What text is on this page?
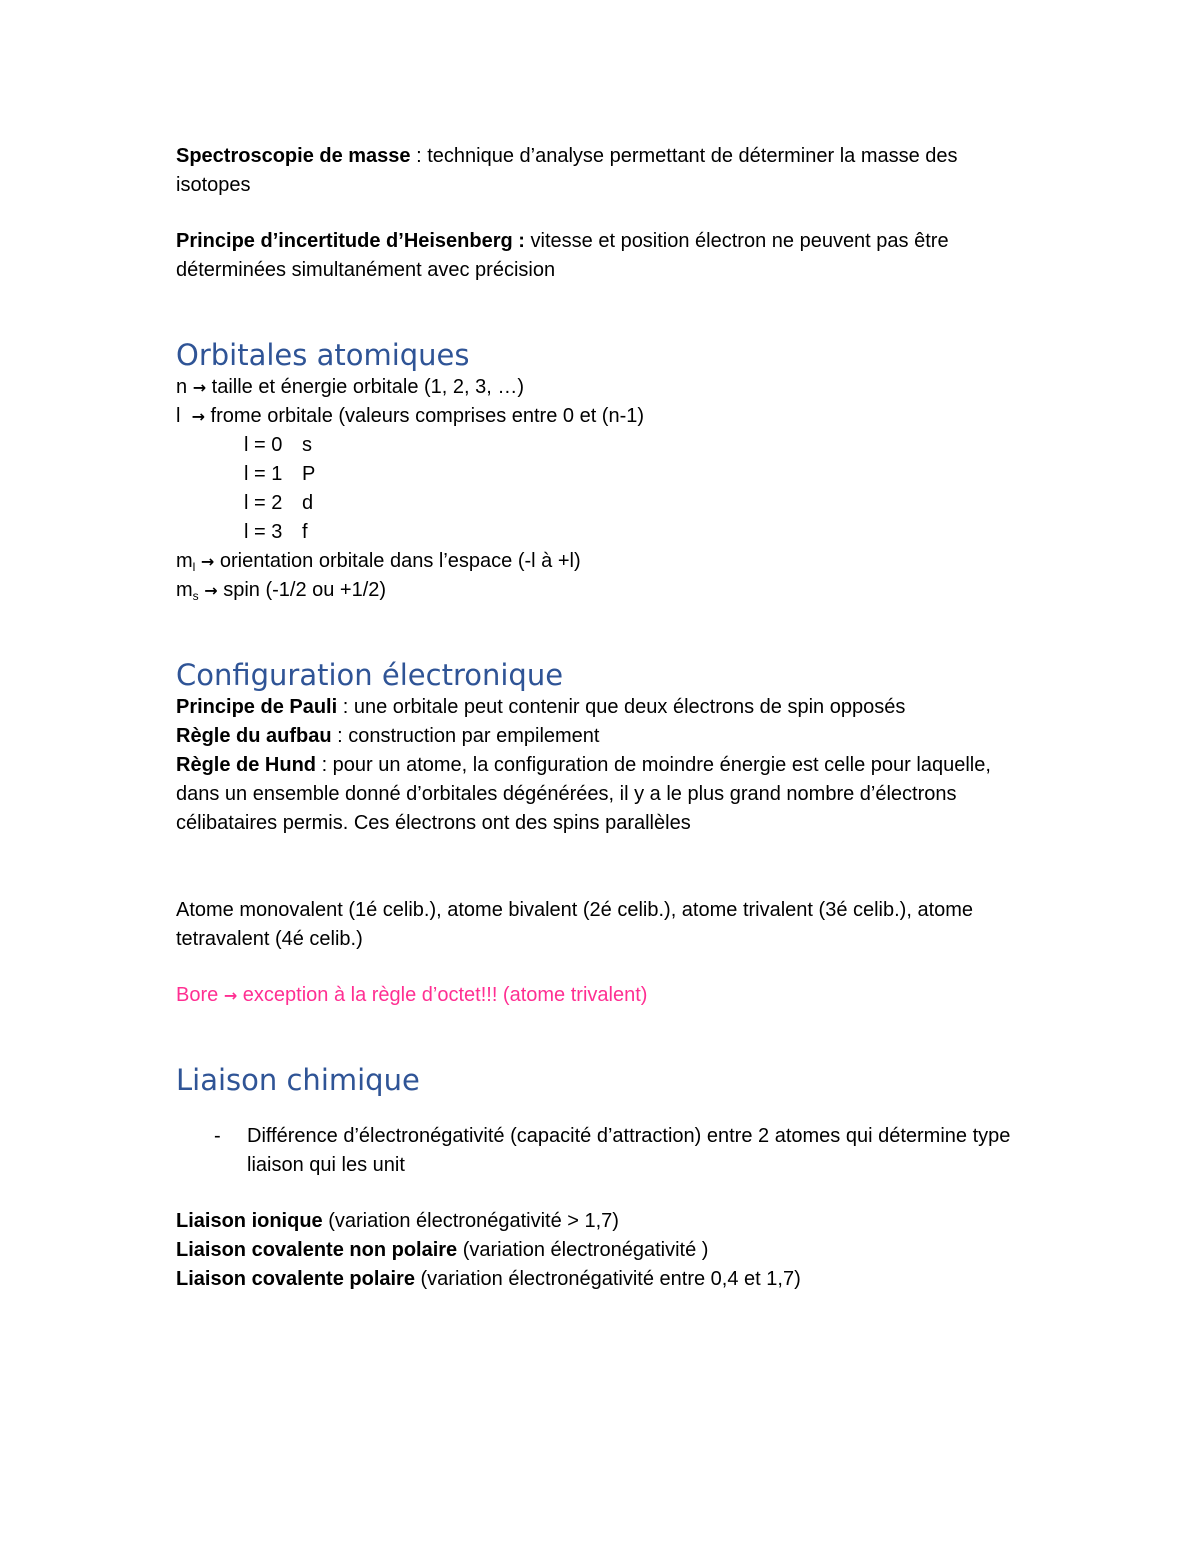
Spectroscopie de masse : technique d’analyse permettant de déterminer la masse des isotopes

Principe d’incertitude d’Heisenberg : vitesse et position électron ne peuvent pas être déterminées simultanément avec précision

Orbitales atomiques

n → taille et énergie orbitale (1, 2, 3, …)

l → frome orbitale (valeurs comprises entre 0 et (n-1)

l = 0 s

l = 1 P

l = 2 d

l = 3 f

$m_l$ → orientation orbitale dans l’espace (-l à +l)

$m_s$ → spin (-1/2 ou +1/2)

Configuration électronique

Principe de Pauli : une orbitale peut contenir que deux électrons de spin opposés

Règle du aufbau : construction par empilement

Règle de Hund : pour un atome, la configuration de moindre énergie est celle pour laquelle, dans un ensemble donné d’orbitales dégénérées, il y a le plus grand nombre d’électrons célibataires permis. Ces électrons ont des spins parallèles

Atome monovalent (1é celib.), atome bivalent (2é celib.), atome trivalent (3é celib.), atome tetravalent (4é celib.)

Bore → exception à la règle d’octet!!! (atome trivalent)

Liaison chimique
-	Différence d’électronégativité (capacité d’attraction) entre 2 atomes qui détermine type liaison qui les unit

Liaison ionique (variation électronégativité > 1,7)

Liaison covalente non polaire (variation électronégativité )

Liaison covalente polaire (variation électronégativité entre 0,4 et 1,7)
